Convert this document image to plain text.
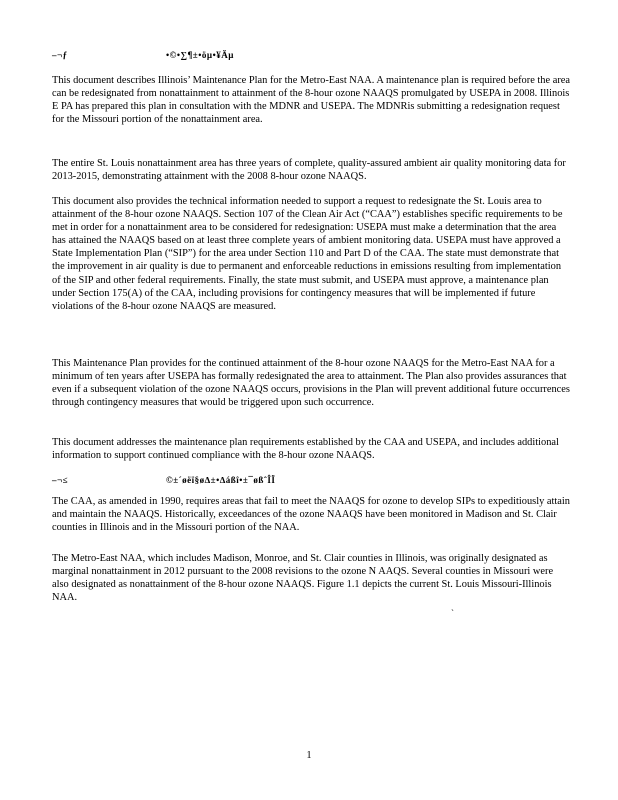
–¬ƒ	•©•∑¶±•öµ•¥Äµ

This document describes Illinois’ Maintenance Plan for the Metro-East NAA. A maintenance plan is required before the area can be redesignated from nonattainment to attainment of the 8-hour ozone NAAQS promulgated by USEPA in 2008. Illinois E PA has prepared this plan in consultation with the MDNR and USEPA. The MDNRis submitting a redesignation request for the Missouri portion of the nonattainment area.

The entire St. Louis nonattainment area has three years of complete, quality-assured ambient air quality monitoring data for 2013-2015, demonstrating attainment with the 2008 8-hour ozone NAAQS.

This document also provides the technical information needed to support a request to redesignate the St. Louis area to attainment of the 8-hour ozone NAAQS. Section 107 of the Clean Air Act (“CAA”) establishes specific requirements to be met in order for a nonattainment area to be considered for redesignation: USEPA must make a determination that the area has attained the NAAQS based on at least three complete years of ambient monitoring data. USEPA must have approved a State Implementation Plan (“SIP”) for the area under Section 110 and Part D of the CAA. The state must demonstrate that the improvement in air quality is due to permanent and enforceable reductions in emissions resulting from implementation of the SIP and other federal requirements. Finally, the state must submit, and USEPA must approve, a maintenance plan under Section 175(A) of the CAA, including provisions for contingency measures that will be implemented if future violations of the 8-hour ozone NAAQS are measured.

This Maintenance Plan provides for the continued attainment of the 8-hour ozone NAAQS for the Metro-East NAA for a minimum of ten years after USEPA has formally redesignated the area to attainment. The Plan also provides assurances that even if a subsequent violation of the ozone NAAQS occurs, provisions in the Plan will prevent additional future occurrences through contingency measures that would be triggered upon such occurrence.

This document addresses the maintenance plan requirements established by the CAA and USEPA, and includes additional information to support continued compliance with the 8-hour ozone NAAQS.

–¬≤	©±´øëï§ø∆±•∆áßî•±¯øßˆÎÏ

The CAA, as amended in 1990, requires areas that fail to meet the NAAQS for ozone to develop SIPs to expeditiously attain and maintain the NAAQS. Historically, exceedances of the ozone NAAQS have been monitored in Madison and St. Clair counties in Illinois and in the Missouri portion of the NAA.

The Metro-East NAA, which includes Madison, Monroe, and St. Clair counties in Illinois, was originally designated as marginal nonattainment in 2012 pursuant to the 2008 revisions to the ozone N AAQS. Several counties in Missouri were also designated as nonattainment of the 8-hour ozone NAAQS. Figure 1.1 depicts the current St. Louis Missouri-Illinois NAA.

ˎ
1
